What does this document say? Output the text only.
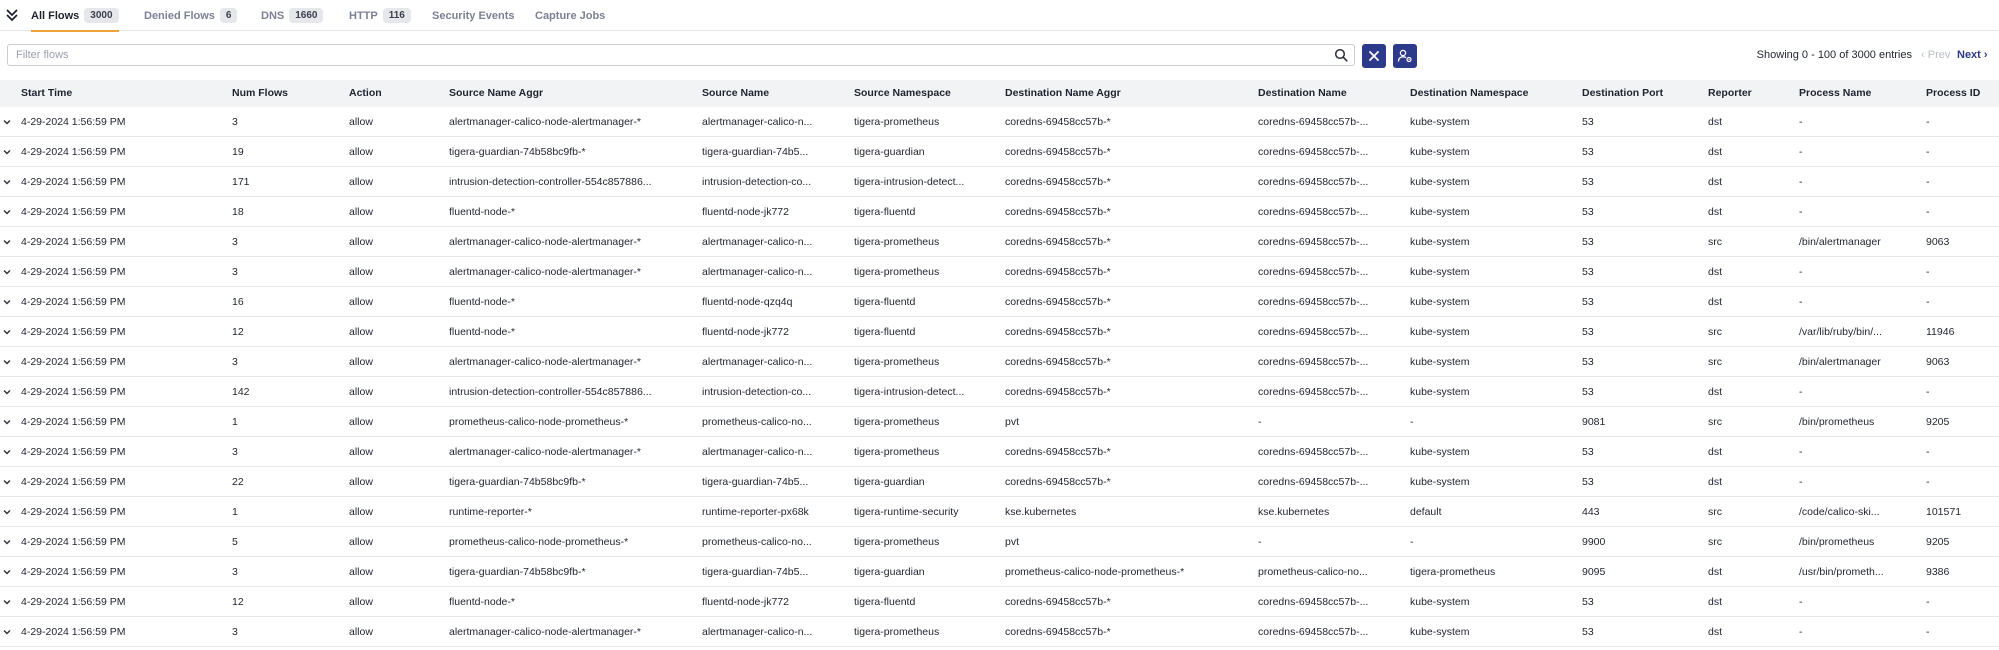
All Flows	3000	Denied Flows	6	DNS	1660	HTTP	116	Security Events Capture Jobs
Filter flows
Showing 0 - 100 of 3000 entries ‹ Prev Next ›
Start Time	Num Flows	Action	Source Name Aggr	Source Name	Source Namespace	Destination Name Aggr	Destination Name	Destination Namespace	Destination Port	Reporter	Process Name	Process ID
4-29-2024 1:56:59 PM	3	allow	alertmanager-calico-node-alertmanager-*	alertmanager-calico-n...	tigera-prometheus	coredns-69458cc57b-*	coredns-69458cc57b-...	kube-system	53	dst	-	-
4-29-2024 1:56:59 PM	19	allow	tigera-guardian-74b58bc9fb-*	tigera-guardian-74b5...	tigera-guardian	coredns-69458cc57b-*	coredns-69458cc57b-...	kube-system	53	dst	-	-
4-29-2024 1:56:59 PM	171	allow	intrusion-detection-controller-554c857886...	intrusion-detection-co...	tigera-intrusion-detect...	coredns-69458cc57b-*	coredns-69458cc57b-...	kube-system	53	dst	-	-
4-29-2024 1:56:59 PM	18	allow	fluentd-node-*	fluentd-node-jk772	tigera-fluentd	coredns-69458cc57b-*	coredns-69458cc57b-...	kube-system	53	dst	-	-
4-29-2024 1:56:59 PM	3	allow	alertmanager-calico-node-alertmanager-*	alertmanager-calico-n...	tigera-prometheus	coredns-69458cc57b-*	coredns-69458cc57b-...	kube-system	53	src	/bin/alertmanager	9063
4-29-2024 1:56:59 PM	3	allow	alertmanager-calico-node-alertmanager-*	alertmanager-calico-n...	tigera-prometheus	coredns-69458cc57b-*	coredns-69458cc57b-...	kube-system	53	dst	-	-
4-29-2024 1:56:59 PM	16	allow	fluentd-node-*	fluentd-node-qzq4q	tigera-fluentd	coredns-69458cc57b-*	coredns-69458cc57b-...	kube-system	53	dst	-	-
4-29-2024 1:56:59 PM	12	allow	fluentd-node-*	fluentd-node-jk772	tigera-fluentd	coredns-69458cc57b-*	coredns-69458cc57b-...	kube-system	53	src	/var/lib/ruby/bin/...	11946
4-29-2024 1:56:59 PM	3	allow	alertmanager-calico-node-alertmanager-*	alertmanager-calico-n...	tigera-prometheus	coredns-69458cc57b-*	coredns-69458cc57b-...	kube-system	53	src	/bin/alertmanager	9063
4-29-2024 1:56:59 PM	142	allow	intrusion-detection-controller-554c857886...	intrusion-detection-co...	tigera-intrusion-detect...	coredns-69458cc57b-*	coredns-69458cc57b-...	kube-system	53	dst	-	-
4-29-2024 1:56:59 PM	1	allow	prometheus-calico-node-prometheus-*	prometheus-calico-no...	tigera-prometheus	pvt	-	-	9081	src	/bin/prometheus	9205
4-29-2024 1:56:59 PM	3	allow	alertmanager-calico-node-alertmanager-*	alertmanager-calico-n...	tigera-prometheus	coredns-69458cc57b-*	coredns-69458cc57b-...	kube-system	53	dst	-	-
4-29-2024 1:56:59 PM	22	allow	tigera-guardian-74b58bc9fb-*	tigera-guardian-74b5...	tigera-guardian	coredns-69458cc57b-*	coredns-69458cc57b-...	kube-system	53	dst	-	-
4-29-2024 1:56:59 PM	1	allow	runtime-reporter-*	runtime-reporter-px68k	tigera-runtime-security	kse.kubernetes	kse.kubernetes	default	443	src	/code/calico-ski...	101571
4-29-2024 1:56:59 PM	5	allow	prometheus-calico-node-prometheus-*	prometheus-calico-no...	tigera-prometheus	pvt	-	-	9900	src	/bin/prometheus	9205
4-29-2024 1:56:59 PM	3	allow	tigera-guardian-74b58bc9fb-*	tigera-guardian-74b5...	tigera-guardian	prometheus-calico-node-prometheus-*	prometheus-calico-no...	tigera-prometheus	9095	dst	/usr/bin/prometh...	9386
4-29-2024 1:56:59 PM	12	allow	fluentd-node-*	fluentd-node-jk772	tigera-fluentd	coredns-69458cc57b-*	coredns-69458cc57b-...	kube-system	53	dst	-	-
4-29-2024 1:56:59 PM	3	allow	alertmanager-calico-node-alertmanager-*	alertmanager-calico-n...	tigera-prometheus	coredns-69458cc57b-*	coredns-69458cc57b-...	kube-system	53	dst	-	-
